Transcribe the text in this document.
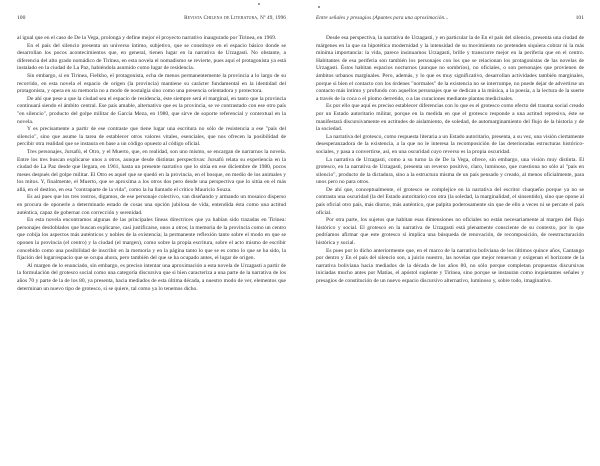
100	Revista Chilena de Literatura, Nº 49, 1996

al igual que en el caso de De la Vega, prolonga y define mejor el proyecto narrativo inaugurado por Tirinea, en 1969.

En el país del silencio presenta un universo íntimo, subjetivo, que se constituye en el espacio básico donde se desarrollan los pocos acontecimientos que, en general, tienen lugar en la narrativa de Urzagasti. No obstante, a diferencia del alto grado nomádico de Tirinea, en esta novela el nomadismo se revierte, pues aquí el protagonista ya está instalado en la ciudad de La Paz, habiéndola asumido como lugar de residencia.

Sin embargo, si en Tirinea, Fielkho, el protagonista, echa de menos permanentemente la provincia a lo largo de su recorrido, en esta novela el espacio de origen (la provincia) mantiene su carácter fundamental en la identidad del protagonista, y opera en su memoria no a modo de nostalgia sino como una presencia orientadora y protectora.

De ahí que pese a que la ciudad sea el espacio de residencia, éste siempre será el marginal, en tanto que la provincia continuará siendo el ámbito central. Ese país amable, alternativo que es la provincia, se ve contrastado con ese otro país "en silencio", producto del golpe militar de García Meza, en 1980, que sirve de soporte referencial y contextual en la novela.

Y es precisamente a partir de ese contraste que tiene lugar una escritura no sólo de resistencia a ese "país del silencio", sino que asume la tarea de establecer otros valores vitales, esenciales, que nos ofrecen la posibilidad de percibir otra realidad que se instaura en base a un código opuesto al código oficial.

Tres personajes, Jursafú, el Otro, y el Muerto, que, en realidad, son uno mismo, se encargan de narrarnos la novela. Entre los tres buscan explicarse unos a otros, aunque desde distintas perspectivas: Jursafú relata su experiencia en la ciudad de La Paz desde que llegara, en 1961, hasta un presente narrativo que lo sitúa en ese diciembre de 1980, pocos meses después del golpe militar. El Otro es aquel que se quedó en la provincia, en el bosque, en medio de los animales y los mitos. Y, finalmente, el Muerto, que se aproxima a los otros dos pero desde una perspectiva que lo sitúa en el más allá, en el destino, en esa "contraparte de la vida", como la ha llamado el crítico Mauricio Souza.

Es así pues que los tres rostros, digamos, de ese personaje colectivo, van diseñando y armando un mosaico disperso en procura de oponerle a determinado estado de cosas una opción jubilosa de vida, entendida ésta como una actitud auténtica, capaz de gobernar con corrección y serenidad.

En esta novela encontramos algunas de las principales líneas directrices que ya habían sido trazadas en Tirinea: personajes desdoblados que buscan explicarse, casi justificarse, unos a otros; la memoria de la provincia como un centro que cobija los aspectos más auténticos y nobles de la existencia; la permanente reflexión tanto sobre el modo en que se oponen la provincia (el centro) y la ciudad (el margen), como sobre la propia escritura, sobre el acto mismo de escribir concebido como una posibilidad de inscribir en la memoria y en la página tanto lo que se es como lo que se ha sido, la fijación del lugar/espacio que se ocupa ahora, pero también del que se ha ocupado antes, el lugar de origen.

Al margen de lo enunciado, sin embargo, es preciso intentar una aproximación a esta novela de Urzagasti a partir de la formulación del grotesco social como una categoría discursiva que si bien caracteriza a una parte de la narrativa de los años 70 y parte de la de los 80, ya presenta, hacia mediados de esta última década, a nuestro modo de ver, elementos que determinan un nuevo tipo de grotesco, si se quiere, tal como ya lo tenemos dicho.

Entre señales y presagios (Apuntes para una aproximación...	101

Desde esa perspectiva, la narrativa de Urzagasti, y en particular la de En el país del silencio, presenta una ciudad de márgenes en la que su hipotética modernidad y la intensidad de su movimiento no pretenden siquiera cobrar ni la más mínima importancia: la vida, parece insinuarnos Urzagasti, brille y transcurre mejor en la periferia que en el centro. Habitantes de esa periferia son también los personajes con los que se relacionan los protagonistas de las novelas de Urzagasti. Éstos habitan espacios nocturnos (aunque no sombríos), no oficiales, o son personajes que provienen de ámbitos urbanos marginales. Pero, además, y lo que es muy significativo, desarrollan actividades también marginales, porque si bien el contacto con los órdenes "normales" de la existencia no se interrumpe, no puede dejar de advertirse un contacto más íntimo y profundo con aquellos personajes que se dedican a la música, a la poesía, a la lectura de la suerte a través de la coca o el plomo derretido, o a las curaciones mediante plantas medicinales.

Es por ello que aquí es preciso establecer diferencias con lo que es el grotesco como efecto del trauma social creado por un Estado autoritario militar, porque en la medida en que el grotesco responde a una actitud represiva, éste se manifestará discursivamente en actitudes de aislamiento, de soledad, de automarginamiento del flujo de la historia y de la sociedad.

La narrativa del grotesco, como respuesta literaria a un Estado autoritario, presenta, a su vez, una visión ciertamente desesperanzadora de la existencia, a la que no le interesa la recomposición de las deterioradas estructuras histórico-sociales, y pasa a convertirse, así, en una oscuridad cuyo reverso es la propia oscuridad.

La narrativa de Urzagasti, como a su turno la de De la Vega, ofrece, sin embargo, una visión muy distinta. El grotesco, en la narrativa de Urzagasti, presenta un reverso positivo, claro, luminoso, que cuestiona no sólo al "país en silencio", producto de la dictadura, sino a la estructura misma de un país pensado y creado, al menos oficialmente, para unos pero no para otros.

De ahí que, conceptualmente, el grotesco se complejice en la narrativa del escritor chaqueño porque ya no se contrasta una oscuridad (la del Estado autoritario) con otra (la soledad, la marginalidad, el sinsentido), sino que opone al país oficial otro país, más diurno, más auténtico, que palpita poderosamente sin que de ello a veces ni se percate el país oficial.

Por otra parte, los sujetos que habitan esas dimensiones no oficiales no están necesariamente al margen del flujo histórico y social. El grotesco en la narrativa de Urzagasti está plenamente consciente de su contexto, por lo que podríamos afirmar que este grotesco sí implica una búsqueda de renovación, de recomposición, de reestructuración histórica y social.

Es pues por lo dicho anteriormente que, en el marco de la narrativa boliviana de los últimos quince años, Cantango por dentro y En el país del silencio son, a juicio nuestro, las novelas que mejor renuevan y oxigenan el horizonte de la narrativa boliviana hacia mediados de la década de los años 80, no sólo porque completan propuestas discursivas iniciadas mucho antes por Matías, el apóstol suplente y Tirinea, sino porque se instauran como inquietantes señales y presagios de constitución de un nuevo espacio discursivo alternativo, luminoso y, sobre todo, imaginativo.
